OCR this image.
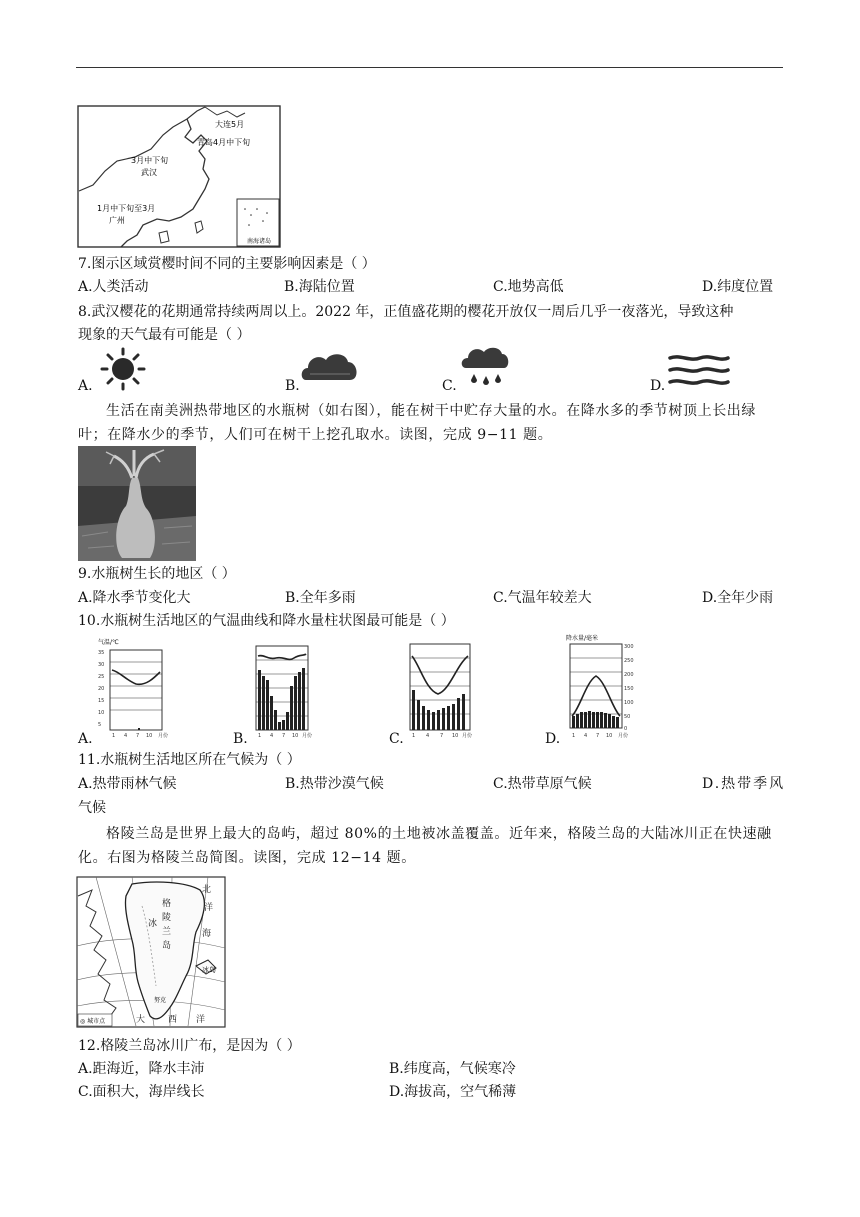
大连5月
青岛4月中下旬
3月中下旬
武汉
1月中下旬至3月
广州
南海诸岛
7.图示区域赏樱时间不同的主要影响因素是（ ）
A.人类活动	B.海陆位置	C.地势高低	D.纬度位置
8.武汉樱花的花期通常持续两周以上。2022 年，正值盛花期的樱花开放仅一周后几乎一夜落光，导致这种
现象的天气最有可能是（ ）
A.	B.	C.	D.
生活在南美洲热带地区的水瓶树（如右图），能在树干中贮存大量的水。在降水多的季节树顶上长出绿叶；在降水少的季节，人们可在树干上挖孔取水。读图，完成 9−11 题。
9.水瓶树生长的地区（ ）
A.降水季节变化大	B.全年多雨	C.气温年较差大	D.全年少雨
10.水瓶树生活地区的气温曲线和降水量柱状图最可能是（ ）
A.
气温/℃
35
30
25
20
15
10
5
1 4 7 10 月份	B. 1 4 7 10 月份	C. 1 4 7 10 月份	D.
降水量/毫米
300
250
200
150
100
50
0
1 4 7 10 月份
11.水瓶树生活地区所在气候为（ ）
A.热带雨林气候	B.热带沙漠气候	C.热带草原气候	D.热带季风
气候
格陵兰岛是世界上最大的岛屿，超过 80%的土地被冰盖覆盖。近年来，格陵兰岛的大陆冰川正在快速融化。右图为格陵兰岛简图。读图，完成 12−14 题。
北
洋
格
陵
兰
岛
冰
海
大	西 洋
冰岛
努克
◎ 城市点
12.格陵兰岛冰川广布，是因为（ ）
A.距海近，降水丰沛	B.纬度高，气候寒冷
C.面积大，海岸线长	D.海拔高，空气稀薄
